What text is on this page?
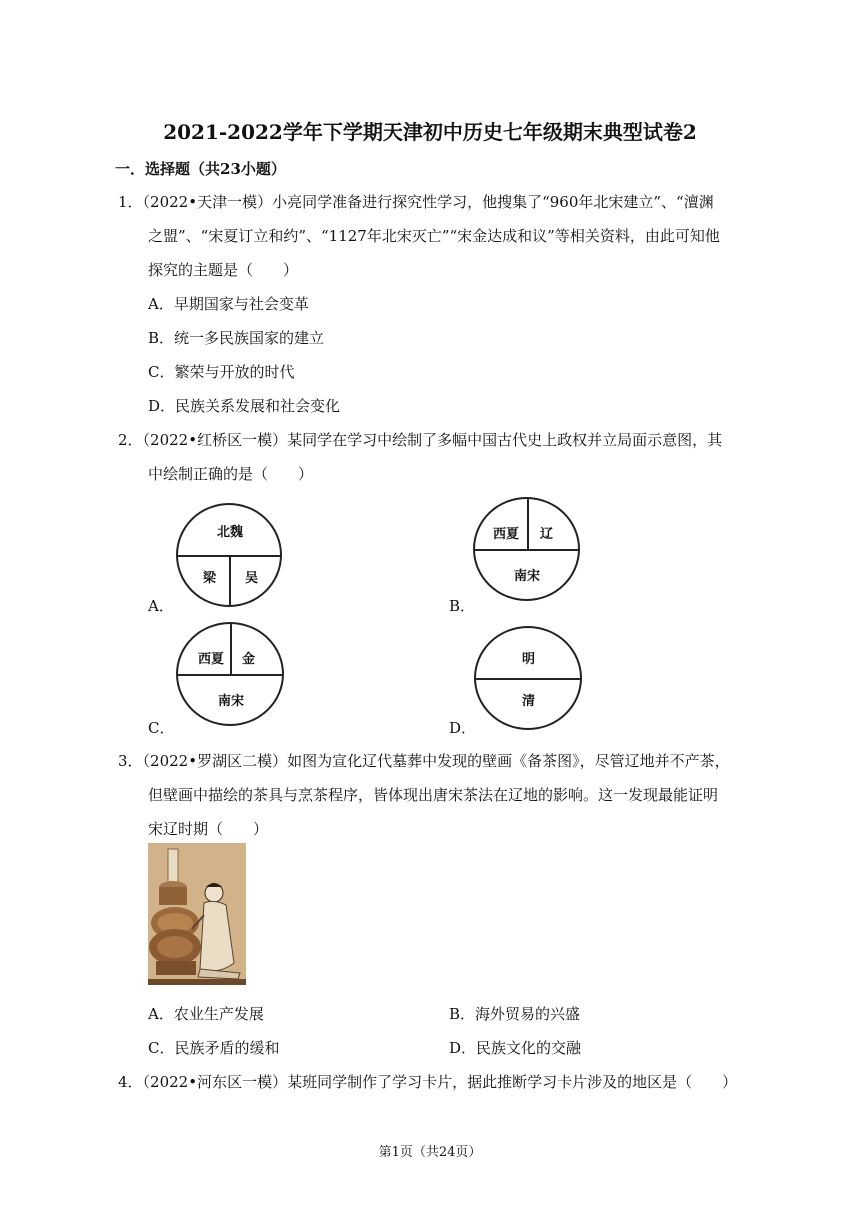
2021-2022学年下学期天津初中历史七年级期末典型试卷2
一．选择题（共23小题）
1．（2022•天津一模）小亮同学准备进行探究性学习，他搜集了“960年北宋建立”、“澶渊
之盟”、“宋夏订立和约”、“1127年北宋灭亡”“宋金达成和议”等相关资料，由此可知他
探究的主题是（　　）
A．早期国家与社会变革
B．统一多民族国家的建立
C．繁荣与开放的时代
D．民族关系发展和社会变化
2．（2022•红桥区一模）某同学在学习中绘制了多幅中国古代史上政权并立局面示意图，其
中绘制正确的是（　　）
北魏
梁 吴
A．
西夏 辽
南宋
B．
西夏 金
南宋
C．
明
清
D．
3．（2022•罗湖区二模）如图为宣化辽代墓葬中发现的壁画《备茶图》，尽管辽地并不产茶，
但壁画中描绘的茶具与烹茶程序，皆体现出唐宋茶法在辽地的影响。这一发现最能证明
宋辽时期（　　）
A．农业生产发展	B．海外贸易的兴盛
C．民族矛盾的缓和	D．民族文化的交融
4．（2022•河东区一模）某班同学制作了学习卡片，据此推断学习卡片涉及的地区是（　　）
第1页（共24页）
